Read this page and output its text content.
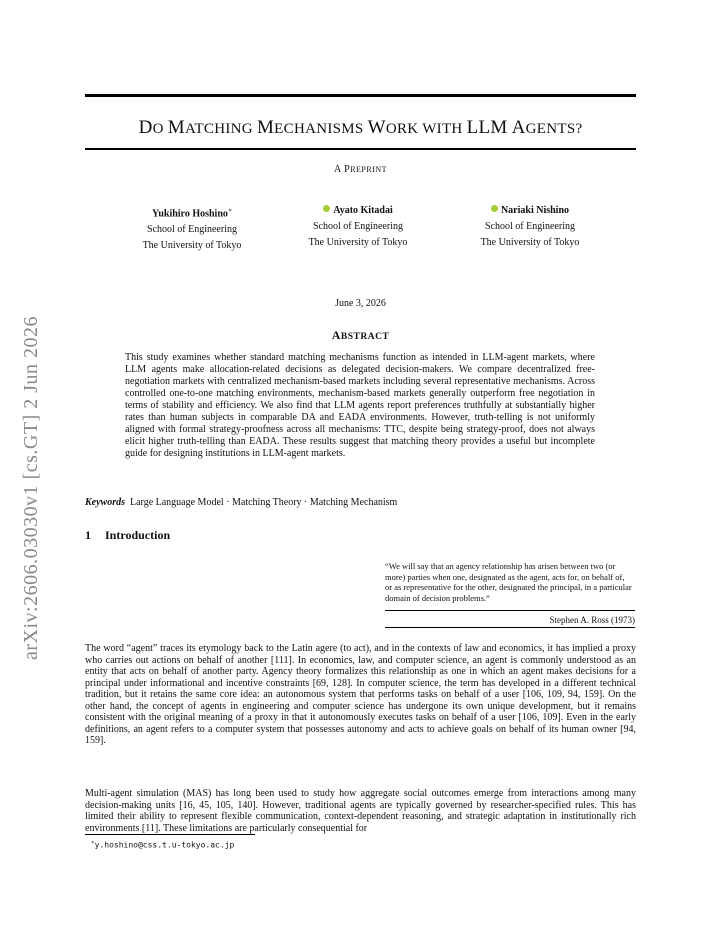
DO MATCHING MECHANISMS WORK WITH LLM AGENTS?
A PREPRINT
Yukihiro Hoshino∗
School of Engineering
The University of Tokyo
Ayato Kitadai
School of Engineering
The University of Tokyo
Nariaki Nishino
School of Engineering
The University of Tokyo
arXiv:2606.03030v1 [cs.GT] 2 Jun 2026
June 3, 2026
ABSTRACT
This study examines whether standard matching mechanisms function as intended in LLM-agent markets, where LLM agents make allocation-related decisions as delegated decision-makers. We compare decentralized free-negotiation markets with centralized mechanism-based markets including several representative mechanisms. Across controlled one-to-one matching environments, mechanism-based markets generally outperform free negotiation in terms of stability and efficiency. We also find that LLM agents report preferences truthfully at substantially higher rates than human subjects in comparable DA and EADA environments. However, truth-telling is not uniformly aligned with formal strategy-proofness across all mechanisms: TTC, despite being strategy-proof, does not always elicit higher truth-telling than EADA. These results suggest that matching theory provides a useful but incomplete guide for designing institutions in LLM-agent markets.
Keywords Large Language Model · Matching Theory · Matching Mechanism
1 Introduction
“We will say that an agency relationship has arisen between two (or more) parties when one, designated as the agent, acts for, on behalf of, or as representative for the other, designated the principal, in a particular domain of decision problems.”
Stephen A. Ross (1973)
The word “agent” traces its etymology back to the Latin agere (to act), and in the contexts of law and economics, it has implied a proxy who carries out actions on behalf of another [111]. In economics, law, and computer science, an agent is commonly understood as an entity that acts on behalf of another party. Agency theory formalizes this relationship as one in which an agent makes decisions for a principal under informational and incentive constraints [69, 128]. In computer science, the term has developed in a different technical tradition, but it retains the same core idea: an autonomous system that performs tasks on behalf of a user [106, 109, 94, 159]. On the other hand, the concept of agents in engineering and computer science has undergone its own unique development, but it remains consistent with the original meaning of a proxy in that it autonomously executes tasks on behalf of a user [106, 109]. Even in the early definitions, an agent refers to a computer system that possesses autonomy and acts to achieve goals on behalf of its human owner [94, 159].
Multi-agent simulation (MAS) has long been used to study how aggregate social outcomes emerge from interactions among many decision-making units [16, 45, 105, 140]. However, traditional agents are typically governed by researcher-specified rules. This has limited their ability to represent flexible communication, context-dependent reasoning, and strategic adaptation in institutionally rich environments [11]. These limitations are particularly consequential for
∗y.hoshino@css.t.u-tokyo.ac.jp
